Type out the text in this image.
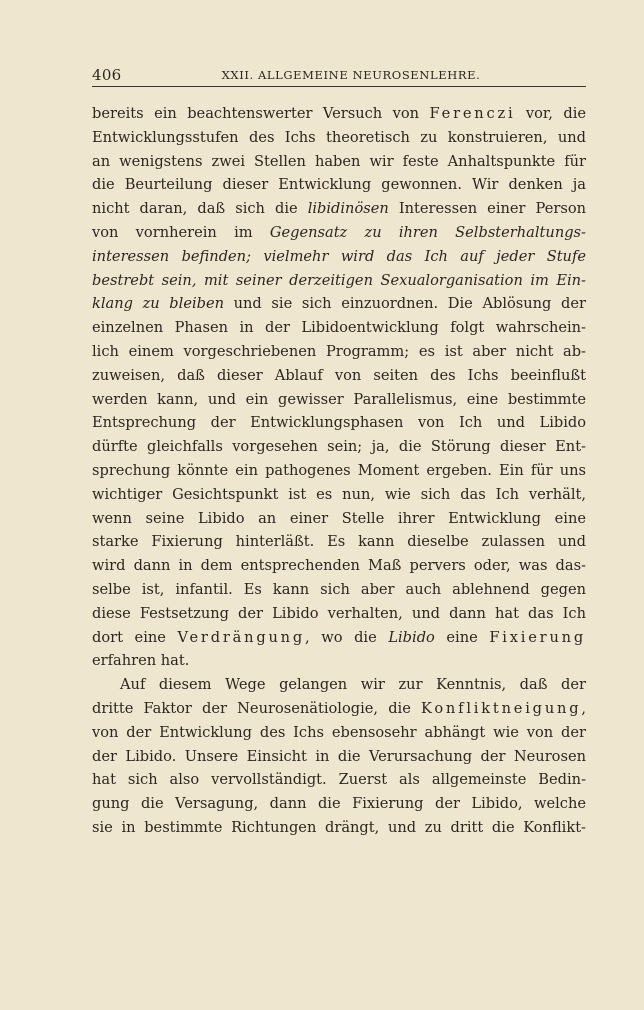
406	XXII. ALLGEMEINE NEUROSENLEHRE.
bereits ein beachtenswerter Versuch von Ferenczi vor, die
Entwicklungsstufen des Ichs theoretisch zu konstruieren, und
an wenigstens zwei Stellen haben wir feste Anhaltspunkte für
die Beurteilung dieser Entwicklung gewonnen. Wir denken ja
nicht daran, daß sich die libidinösen Interessen einer Person
von vornherein im Gegensatz zu ihren Selbsterhaltungs-
interessen befinden; vielmehr wird das Ich auf jeder Stufe
bestrebt sein, mit seiner derzeitigen Sexualorganisation im Ein-
klang zu bleiben und sie sich einzuordnen. Die Ablösung der
einzelnen Phasen in der Libidoentwicklung folgt wahrschein-
lich einem vorgeschriebenen Programm; es ist aber nicht ab-
zuweisen, daß dieser Ablauf von seiten des Ichs beeinflußt
werden kann, und ein gewisser Parallelismus, eine bestimmte
Entsprechung der Entwicklungsphasen von Ich und Libido
dürfte gleichfalls vorgesehen sein; ja, die Störung dieser Ent-
sprechung könnte ein pathogenes Moment ergeben. Ein für uns
wichtiger Gesichtspunkt ist es nun, wie sich das Ich verhält,
wenn seine Libido an einer Stelle ihrer Entwicklung eine
starke Fixierung hinterläßt. Es kann dieselbe zulassen und
wird dann in dem entsprechenden Maß pervers oder, was das-
selbe ist, infantil. Es kann sich aber auch ablehnend gegen
diese Festsetzung der Libido verhalten, und dann hat das Ich
dort eine Verdrängung, wo die Libido eine Fixierung
erfahren hat.
Auf diesem Wege gelangen wir zur Kenntnis, daß der
dritte Faktor der Neurosenätiologie, die Konfliktneigung,
von der Entwicklung des Ichs ebensosehr abhängt wie von der
der Libido. Unsere Einsicht in die Verursachung der Neurosen
hat sich also vervollständigt. Zuerst als allgemeinste Bedin-
gung die Versagung, dann die Fixierung der Libido, welche
sie in bestimmte Richtungen drängt, und zu dritt die Konflikt-
